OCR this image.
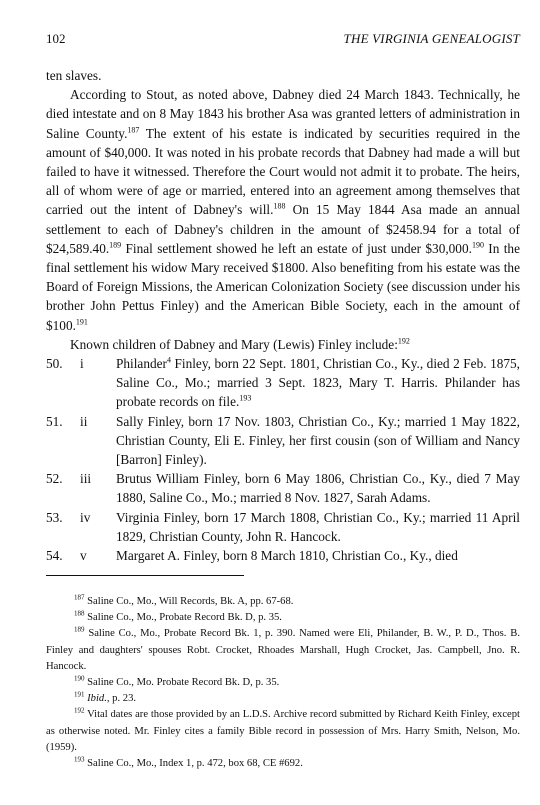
102	THE VIRGINIA GENEALOGIST

ten slaves.

According to Stout, as noted above, Dabney died 24 March 1843. Technically, he died intestate and on 8 May 1843 his brother Asa was granted letters of administration in Saline County.$^{187}$ The extent of his estate is indicated by securities required in the amount of $40,000. It was noted in his probate records that Dabney had made a will but failed to have it witnessed. Therefore the Court would not admit it to probate. The heirs, all of whom were of age or married, entered into an agreement among themselves that carried out the intent of Dabney's will.$^{188}$ On 15 May 1844 Asa made an annual settlement to each of Dabney's children in the amount of $2458.94 for a total of $24,589.40.$^{189}$ Final settlement showed he left an estate of just under $30,000.$^{190}$ In the final settlement his widow Mary received $1800. Also benefiting from his estate was the Board of Foreign Missions, the American Colonization Society (see discussion under his brother John Pettus Finley) and the American Bible Society, each in the amount of $100.$^{191}$

Known children of Dabney and Mary (Lewis) Finley include:$^{192}$

50.	i	Philander$^4$ Finley, born 22 Sept. 1801, Christian Co., Ky., died 2 Feb. 1875, Saline Co., Mo.; married 3 Sept. 1823, Mary T. Harris. Philander has probate records on file.$^{193}$
51.	ii	Sally Finley, born 17 Nov. 1803, Christian Co., Ky.; married 1 May 1822, Christian County, Eli E. Finley, her first cousin (son of William and Nancy [Barron] Finley).
52.	iii	Brutus William Finley, born 6 May 1806, Christian Co., Ky., died 7 May 1880, Saline Co., Mo.; married 8 Nov. 1827, Sarah Adams.
53.	iv	Virginia Finley, born 17 March 1808, Christian Co., Ky.; married 11 April 1829, Christian County, John R. Hancock.
54.	v	Margaret A. Finley, born 8 March 1810, Christian Co., Ky., died

$^{187}$ Saline Co., Mo., Will Records, Bk. A, pp. 67-68.

$^{188}$ Saline Co., Mo., Probate Record Bk. D, p. 35.

$^{189}$ Saline Co., Mo., Probate Record Bk. 1, p. 390. Named were Eli, Philander, B. W., P. D., Thos. B. Finley and daughters' spouses Robt. Crocket, Rhoades Marshall, Hugh Crocket, Jas. Campbell, Jno. R. Hancock.

$^{190}$ Saline Co., Mo. Probate Record Bk. D, p. 35.

$^{191}$ Ibid., p. 23.

$^{192}$ Vital dates are those provided by an L.D.S. Archive record submitted by Richard Keith Finley, except as otherwise noted. Mr. Finley cites a family Bible record in possession of Mrs. Harry Smith, Nelson, Mo. (1959).

$^{193}$ Saline Co., Mo., Index 1, p. 472, box 68, CE #692.
